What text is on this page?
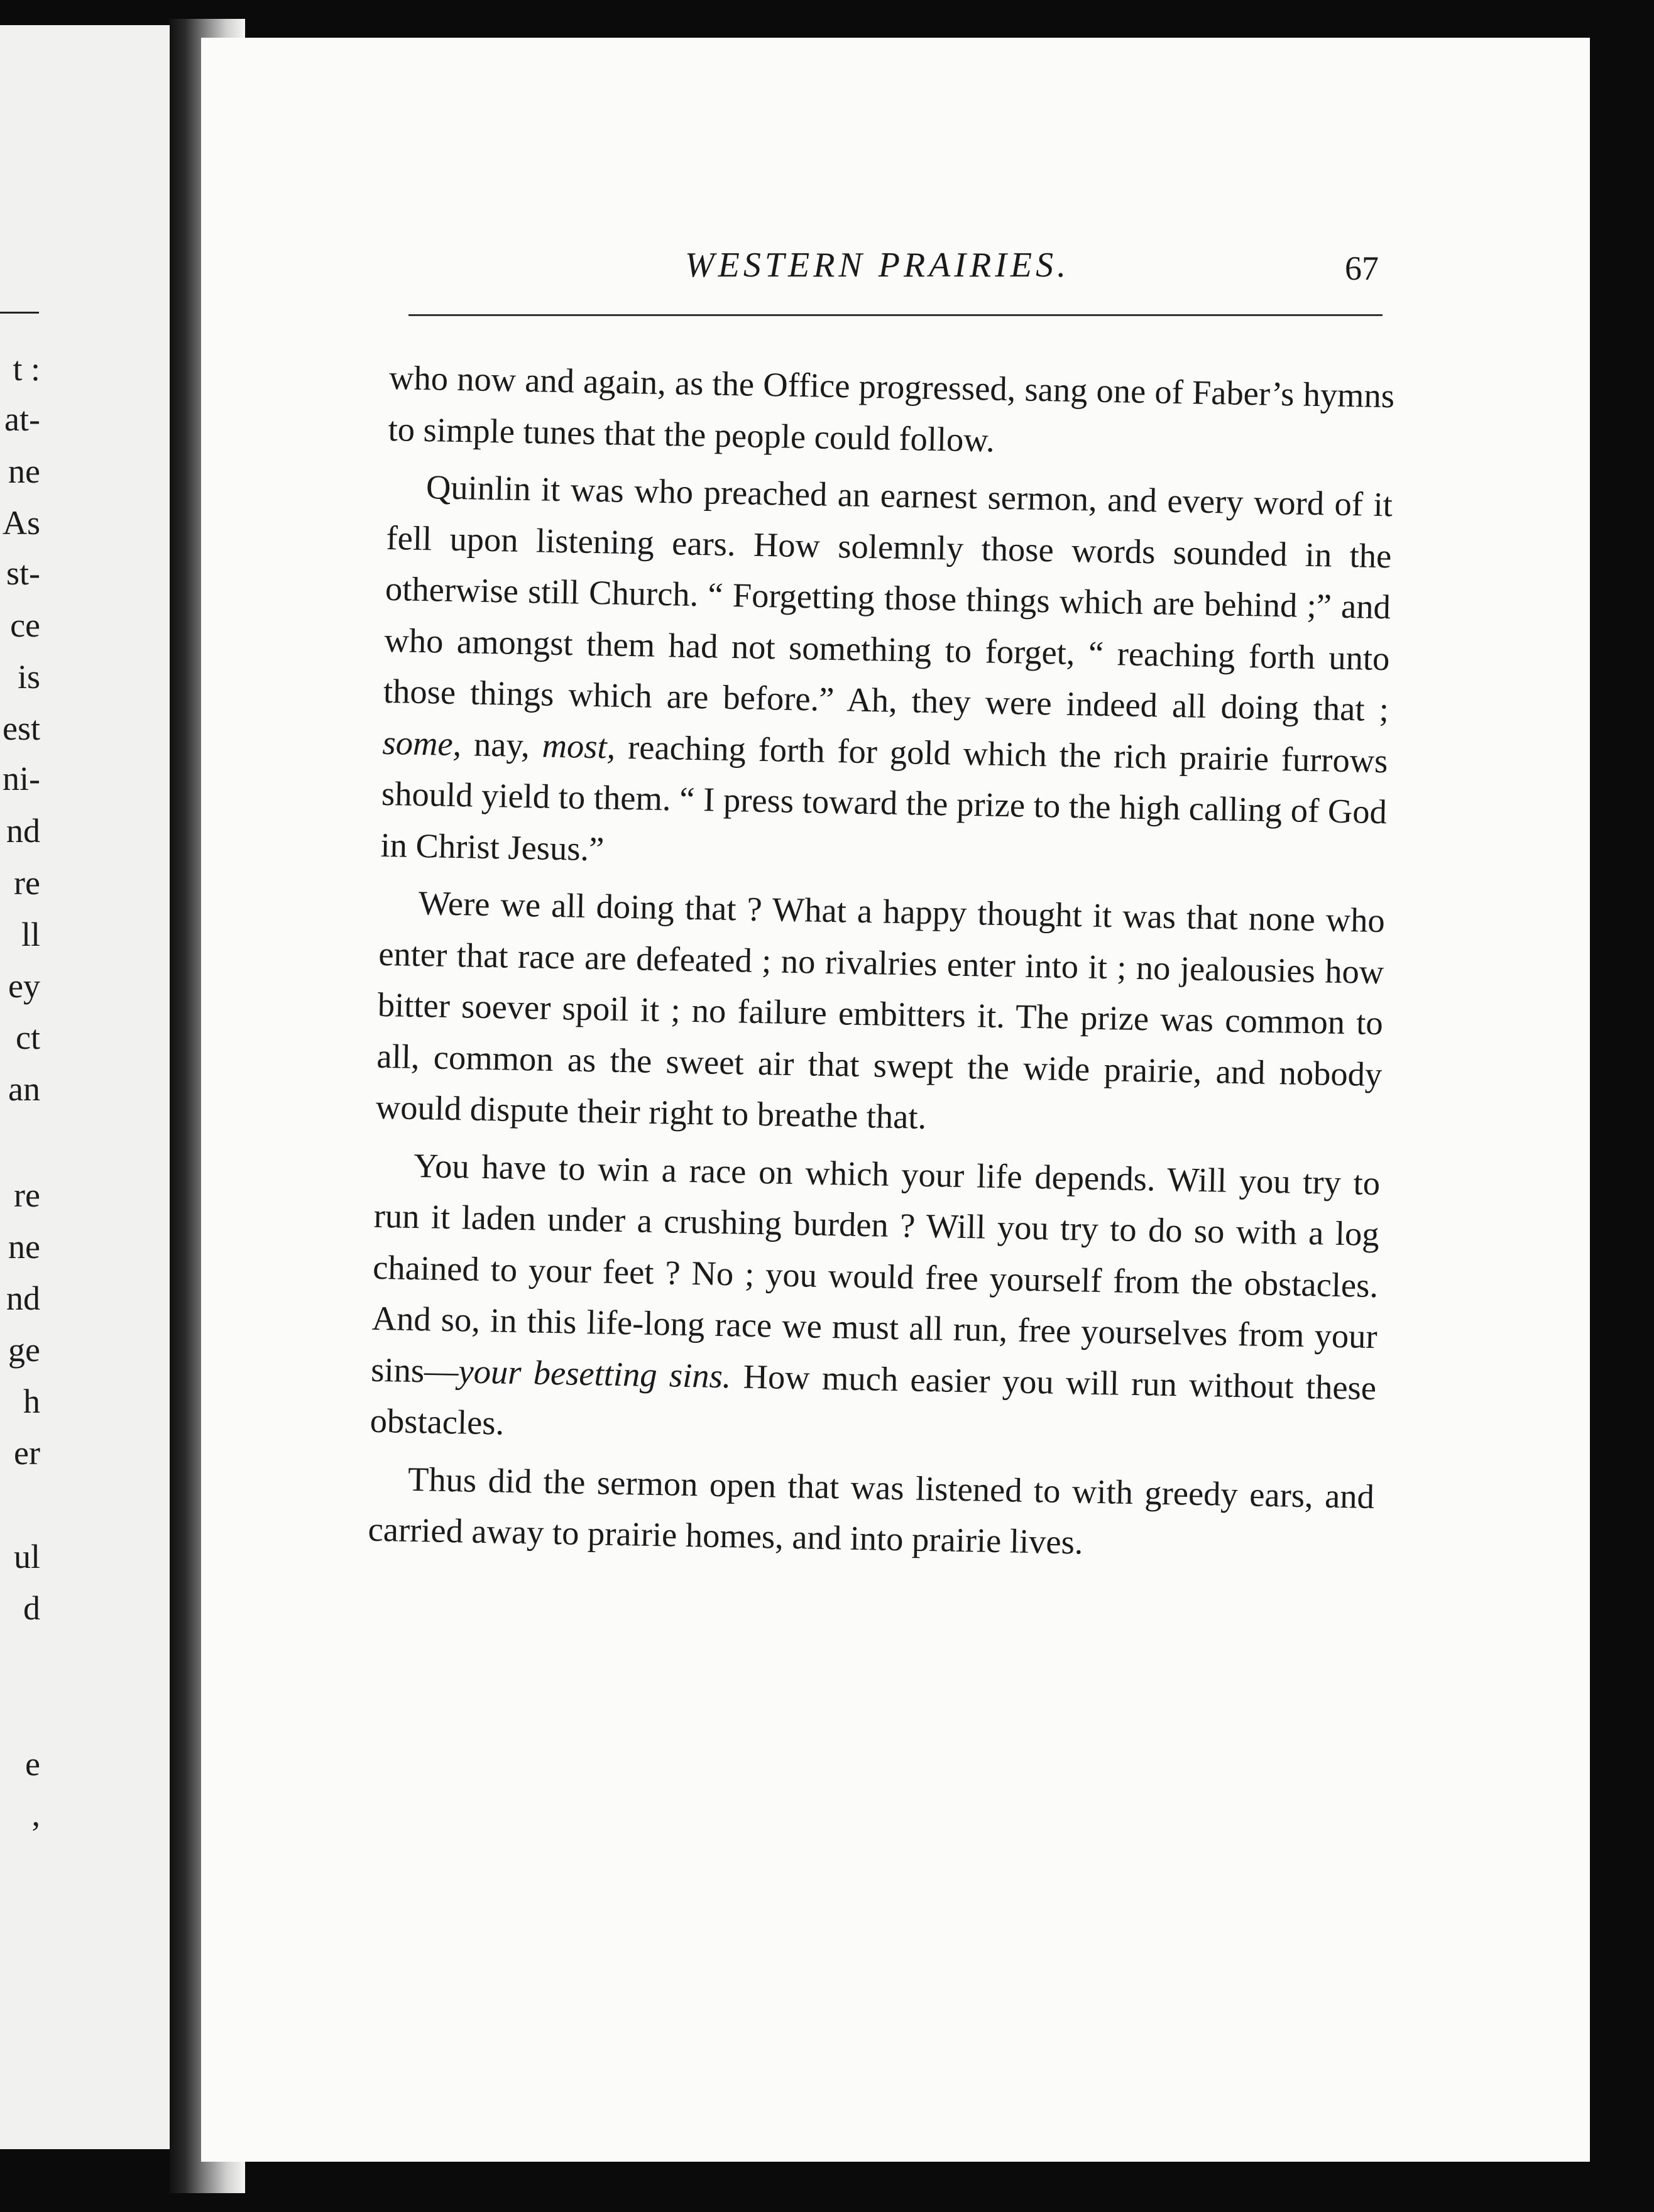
t :
at-
ne
As
st-
ce
is
est
ni-
nd
re
ll
ey
ct
an
re
ne
nd
ge
h
er
ul
d
e
,
WESTERN PRAIRIES.	67

who now and again, as the Office progressed, sang one of Faber’s hymns to simple tunes that the people could follow.

Quinlin it was who preached an earnest sermon, and every word of it fell upon listening ears. How solemnly those words sounded in the otherwise still Church. “ Forgetting those things which are behind ;” and who amongst them had not something to forget, “ reaching forth unto those things which are before.” Ah, they were indeed all doing that ; some, nay, most, reaching forth for gold which the rich prairie furrows should yield to them. “ I press toward the prize to the high calling of God in Christ Jesus.”

Were we all doing that ? What a happy thought it was that none who enter that race are defeated ; no rivalries enter into it ; no jealousies how bitter soever spoil it ; no failure embitters it. The prize was common to all, common as the sweet air that swept the wide prairie, and nobody would dispute their right to breathe that.

You have to win a race on which your life depends. Will you try to run it laden under a crushing burden ? Will you try to do so with a log chained to your feet ? No ; you would free yourself from the obstacles. And so, in this life-long race we must all run, free yourselves from your sins—your besetting sins. How much easier you will run without these obstacles.

Thus did the sermon open that was listened to with greedy ears, and carried away to prairie homes, and into prairie lives.
